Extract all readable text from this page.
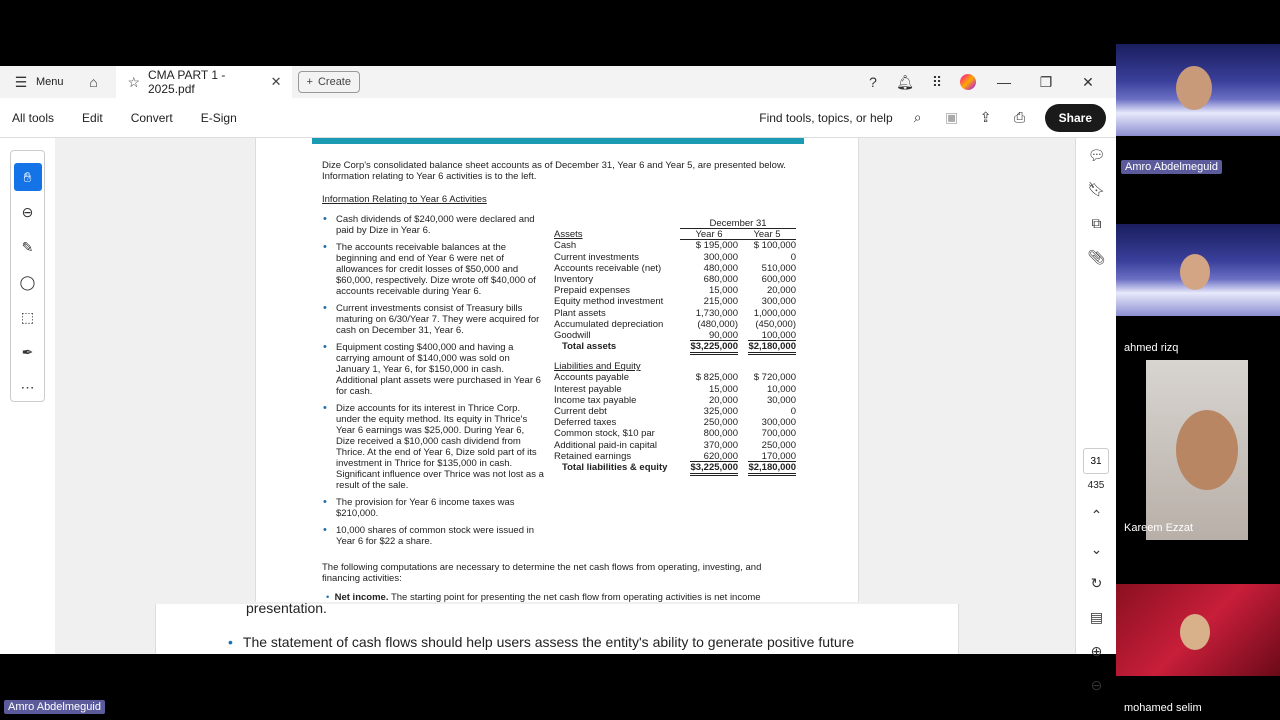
☰ Menu	⌂	☆ CMA PART 1 - 2025.pdf	✕ + Create	?	🔔︎ ⠿	—	❐	✕
All tools Edit Convert E-Sign	Find tools, topics, or help	⌕	▣ ⇪ ⎙	Share
✋︎
⊖
✎
◯
⬚
✒
⋯
Dize Corp's consolidated balance sheet accounts as of December 31, Year 6 and Year 5, are presented below. Information relating to Year 6 activities is to the left.
Information Relating to Year 6 Activities
• Cash dividends of $240,000 were declared and paid by Dize in Year 6.
• The accounts receivable balances at the beginning and end of Year 6 were net of allowances for credit losses of $50,000 and $60,000, respectively. Dize wrote off $40,000 of accounts receivable during Year 6.
• Current investments consist of Treasury bills maturing on 6/30/Year 7. They were acquired for cash on December 31, Year 6.
• Equipment costing $400,000 and having a carrying amount of $140,000 was sold on January 1, Year 6, for $150,000 in cash. Additional plant assets were purchased in Year 6 for cash.
• Dize accounts for its interest in Thrice Corp. under the equity method. Its equity in Thrice's Year 6 earnings was $25,000. During Year 6, Dize received a $10,000 cash dividend from Thrice. At the end of Year 6, Dize sold part of its investment in Thrice for $135,000 in cash. Significant influence over Thrice was not lost as a result of the sale.
• The provision for Year 6 income taxes was $210,000.
• 10,000 shares of common stock were issued in Year 6 for $22 a share.
December 31
Assets	Year 6	Year 5
Cash	$ 195,000	$ 100,000
Current investments	300,000	0
Accounts receivable (net)	480,000	510,000
Inventory	680,000	600,000
Prepaid expenses	15,000	20,000
Equity method investment	215,000	300,000
Plant assets	1,730,000	1,000,000
Accumulated depreciation	(480,000)	(450,000)
Goodwill	90,000	100,000
Total assets	$3,225,000	$2,180,000
Liabilities and Equity
Accounts payable	$ 825,000	$ 720,000
Interest payable	15,000	10,000
Income tax payable	20,000	30,000
Current debt	325,000	0
Deferred taxes	250,000	300,000
Common stock, $10 par	800,000	700,000
Additional paid-in capital	370,000	250,000
Retained earnings	620,000	170,000
Total liabilities & equity	$3,225,000	$2,180,000
The following computations are necessary to determine the net cash flows from operating, investing, and financing activities:
• Net income. The starting point for presenting the net cash flow from operating activities is net income
presentation.
• The statement of cash flows should help users assess the entity's ability to generate positive future
💬︎
🔖︎
⧉
📎︎
31
435
⌃
⌄
↻
▤
⊕
⊖
Amro Abdelmeguid
ahmed rizq
Kareem Ezzat
mohamed selim
Amro Abdelmeguid
